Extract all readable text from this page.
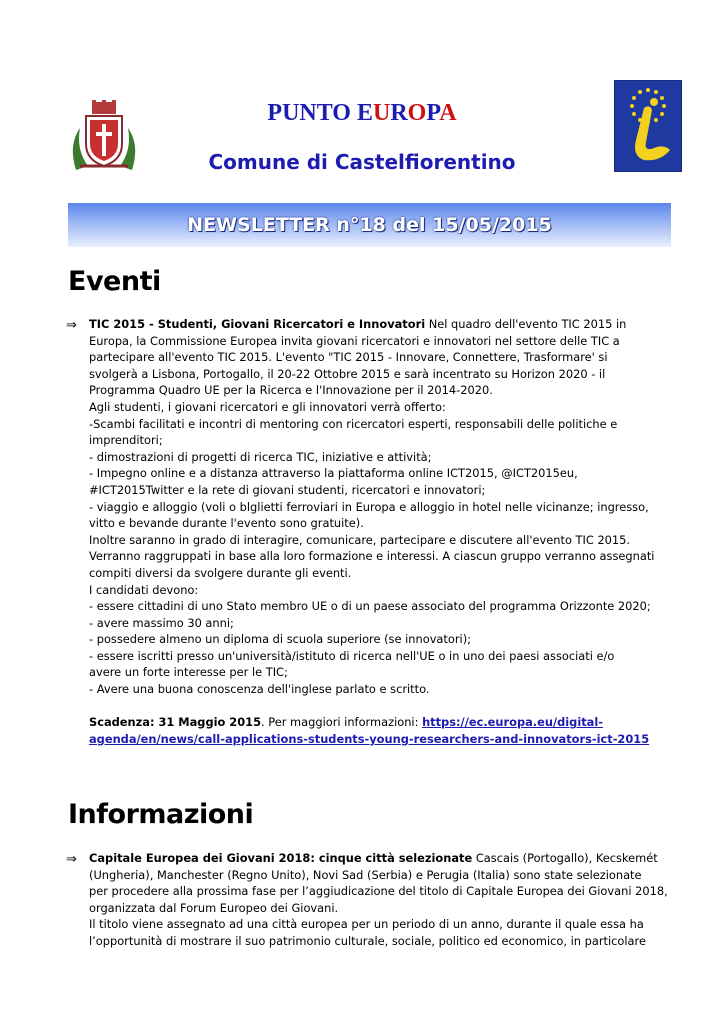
PUNTO EUROPA
Comune di Castelfiorentino
NEWSLETTER n°18 del 15/05/2015
Eventi
⇒ TIC 2015 - Studenti, Giovani Ricercatori e Innovatori Nel quadro dell'evento TIC 2015 in
Europa, la Commissione Europea invita giovani ricercatori e innovatori nel settore delle TIC a
partecipare all'evento TIC 2015. L'evento "TIC 2015 - Innovare, Connettere, Trasformare' si
svolgerà a Lisbona, Portogallo, il 20-22 Ottobre 2015 e sarà incentrato su Horizon 2020 - il
Programma Quadro UE per la Ricerca e l'Innovazione per il 2014-2020.
Agli studenti, i giovani ricercatori e gli innovatori verrà offerto:
-Scambi facilitati e incontri di mentoring con ricercatori esperti, responsabili delle politiche e
imprenditori;
- dimostrazioni di progetti di ricerca TIC, iniziative e attività;
- Impegno online e a distanza attraverso la piattaforma online ICT2015, @ICT2015eu,
#ICT2015Twitter e la rete di giovani studenti, ricercatori e innovatori;
- viaggio e alloggio (voli o blglietti ferroviari in Europa e alloggio in hotel nelle vicinanze; ingresso,
vitto e bevande durante l'evento sono gratuite).
Inoltre saranno in grado di interagire, comunicare, partecipare e discutere all'evento TIC 2015.
Verranno raggruppati in base alla loro formazione e interessi. A ciascun gruppo verranno assegnati
compiti diversi da svolgere durante gli eventi.
I candidati devono:
- essere cittadini di uno Stato membro UE o di un paese associato del programma Orizzonte 2020;
- avere massimo 30 anni;
- possedere almeno un diploma di scuola superiore (se innovatori);
- essere iscritti presso un'università/istituto di ricerca nell'UE o in uno dei paesi associati e/o
avere un forte interesse per le TIC;
- Avere una buona conoscenza dell'inglese parlato e scritto.
Scadenza: 31 Maggio 2015. Per maggiori informazioni: https://ec.europa.eu/digital-
agenda/en/news/call-applications-students-young-researchers-and-innovators-ict-2015
Informazioni
⇒ Capitale Europea dei Giovani 2018: cinque città selezionate Cascais (Portogallo), Kecskemét
(Ungheria), Manchester (Regno Unito), Novi Sad (Serbia) e Perugia (Italia) sono state selezionate
per procedere alla prossima fase per l’aggiudicazione del titolo di Capitale Europea dei Giovani 2018,
organizzata dal Forum Europeo dei Giovani.
Il titolo viene assegnato ad una città europea per un periodo di un anno, durante il quale essa ha
l’opportunità di mostrare il suo patrimonio culturale, sociale, politico ed economico, in particolare
